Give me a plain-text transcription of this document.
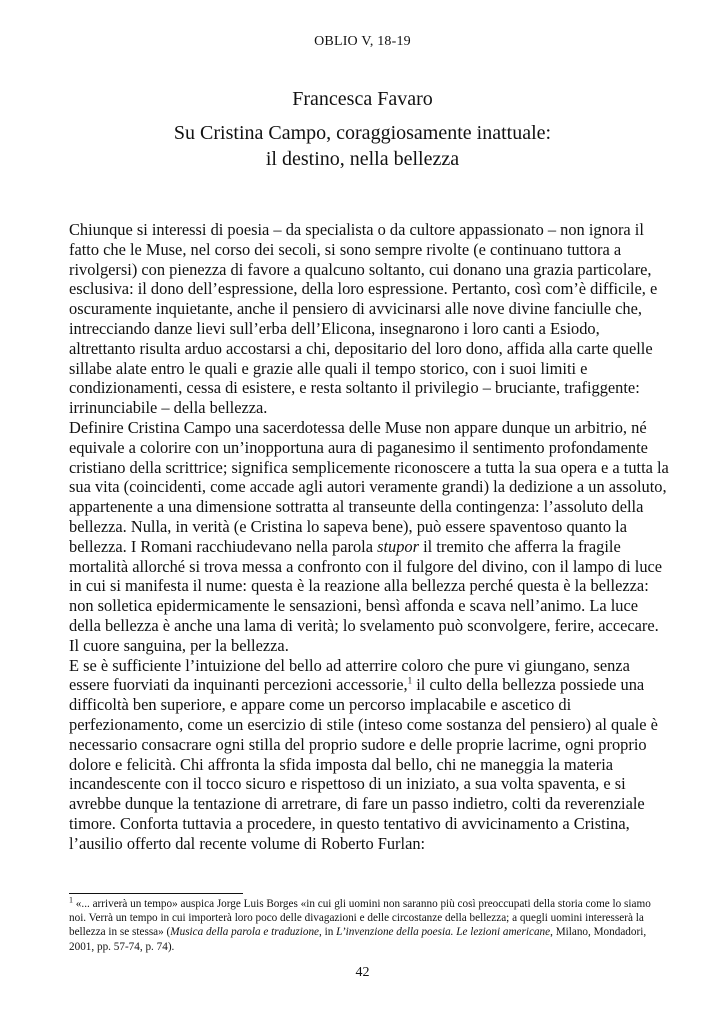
OBLIO V, 18-19
Francesca Favaro
Su Cristina Campo, coraggiosamente inattuale:
il destino, nella bellezza

Chiunque si interessi di poesia – da specialista o da cultore appassionato – non ignora il fatto che le Muse, nel corso dei secoli, si sono sempre rivolte (e continuano tuttora a rivolgersi) con pienezza di favore a qualcuno soltanto, cui donano una grazia particolare, esclusiva: il dono dell’espressione, della loro espressione. Pertanto, così com’è difficile, e oscuramente inquietante, anche il pensiero di avvicinarsi alle nove divine fanciulle che, intrecciando danze lievi sull’erba dell’Elicona, insegnarono i loro canti a Esiodo, altrettanto risulta arduo accostarsi a chi, depositario del loro dono, affida alla carte quelle sillabe alate entro le quali e grazie alle quali il tempo storico, con i suoi limiti e condizionamenti, cessa di esistere, e resta soltanto il privilegio – bruciante, trafiggente: irrinunciabile – della bellezza.

Definire Cristina Campo una sacerdotessa delle Muse non appare dunque un arbitrio, né equivale a colorire con un’inopportuna aura di paganesimo il sentimento profondamente cristiano della scrittrice; significa semplicemente riconoscere a tutta la sua opera e a tutta la sua vita (coincidenti, come accade agli autori veramente grandi) la dedizione a un assoluto, appartenente a una dimensione sottratta al transeunte della contingenza: l’assoluto della bellezza. Nulla, in verità (e Cristina lo sapeva bene), può essere spaventoso quanto la bellezza. I Romani racchiudevano nella parola stupor il tremito che afferra la fragile mortalità allorché si trova messa a confronto con il fulgore del divino, con il lampo di luce in cui si manifesta il nume: questa è la reazione alla bellezza perché questa è la bellezza: non solletica epidermicamente le sensazioni, bensì affonda e scava nell’animo. La luce della bellezza è anche una lama di verità; lo svelamento può sconvolgere, ferire, accecare. Il cuore sanguina, per la bellezza.

E se è sufficiente l’intuizione del bello ad atterrire coloro che pure vi giungano, senza essere fuorviati da inquinanti percezioni accessorie,$^1$ il culto della bellezza possiede una difficoltà ben superiore, e appare come un percorso implacabile e ascetico di perfezionamento, come un esercizio di stile (inteso come sostanza del pensiero) al quale è necessario consacrare ogni stilla del proprio sudore e delle proprie lacrime, ogni proprio dolore e felicità. Chi affronta la sfida imposta dal bello, chi ne maneggia la materia incandescente con il tocco sicuro e rispettoso di un iniziato, a sua volta spaventa, e si avrebbe dunque la tentazione di arretrare, di fare un passo indietro, colti da reverenziale timore. Conforta tuttavia a procedere, in questo tentativo di avvicinamento a Cristina, l’ausilio offerto dal recente volume di Roberto Furlan:

$^1$ «... arriverà un tempo» auspica Jorge Luis Borges «in cui gli uomini non saranno più così preoccupati della storia come lo siamo noi. Verrà un tempo in cui importerà loro poco delle divagazioni e delle circostanze della bellezza; a quegli uomini interesserà la bellezza in se stessa» (Musica della parola e traduzione, in L’invenzione della poesia. Le lezioni americane, Milano, Mondadori, 2001, pp. 57-74, p. 74).
42
